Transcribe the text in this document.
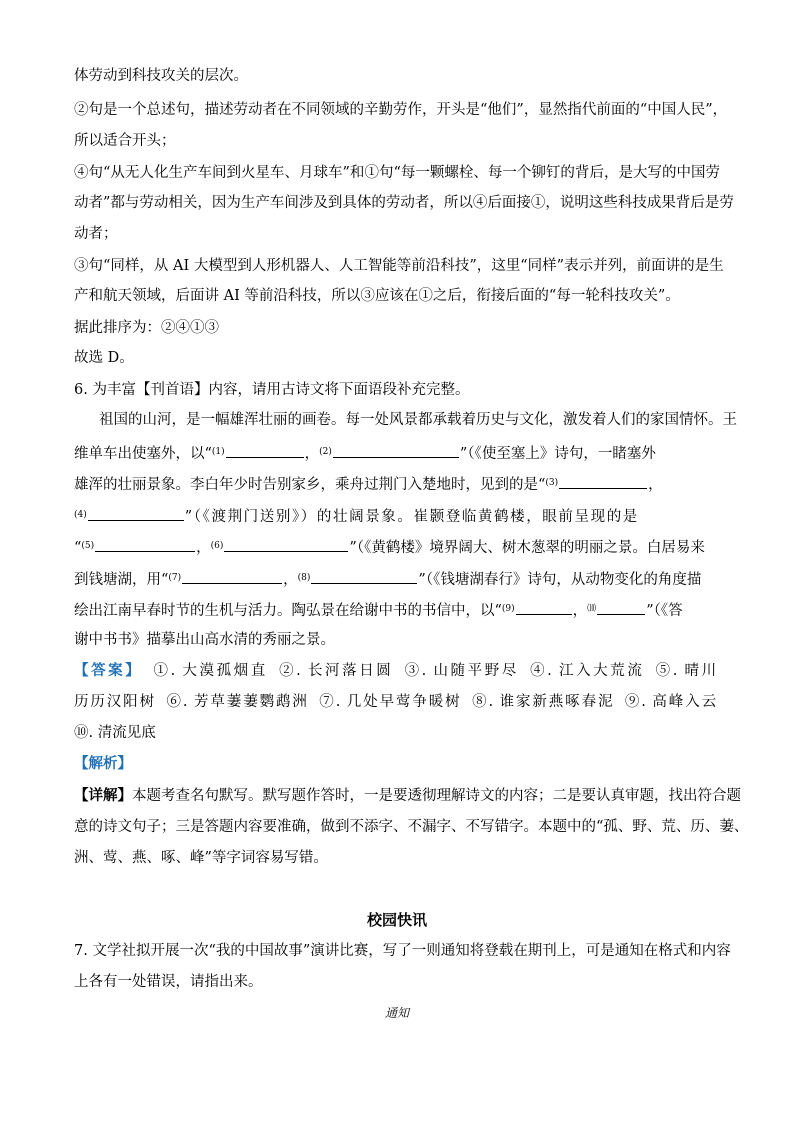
体劳动到科技攻关的层次。
②句是一个总述句，描述劳动者在不同领域的辛勤劳作，开头是“他们”，显然指代前面的“中国人民”，
所以适合开头；
④句“从无人化生产车间到火星车、月球车”和①句“每一颗螺栓、每一个铆钉的背后，是大写的中国劳
动者”都与劳动相关，因为生产车间涉及到具体的劳动者，所以④后面接①，说明这些科技成果背后是劳
动者；
③句“同样，从 AI 大模型到人形机器人、人工智能等前沿科技”，这里“同样”表示并列，前面讲的是生
产和航天领域，后面讲 AI 等前沿科技，所以③应该在①之后，衔接后面的“每一轮科技攻关”。
据此排序为：②④①③
故选 D。
6. 为丰富【刊首语】内容，请用古诗文将下面语段补充完整。
祖国的山河，是一幅雄浑壮丽的画卷。每一处风景都承载着历史与文化，激发着人们的家国情怀。王
维单车出使塞外，以“$^{(1)}$	，$^{(2)}$	”（《使至塞上》诗句，一睹塞外
雄浑的壮丽景象。李白年少时告别家乡，乘舟过荆门入楚地时，见到的是“$^{(3)}$	，
$^{(4)}$	”（《渡荆门送别》）的壮阔景象。崔颢登临黄鹤楼，眼前呈现的是
“$^{(5)}$	，$^{(6)}$	”（《黄鹤楼》境界阔大、树木葱翠的明丽之景。白居易来
到钱塘湖，用“$^{(7)}$	，$^{(8)}$	”（《钱塘湖春行》诗句，从动物变化的角度描
绘出江南早春时节的生机与活力。陶弘景在给谢中书的书信中，以“$^{(9)}$	，⑽	”（《答
谢中书书》描摹出山高水清的秀丽之景。
【答案】 ①. 大漠孤烟直 ②. 长河落日圆 ③. 山随平野尽 ④. 江入大荒流 ⑤. 晴川
历历汉阳树 ⑥. 芳草萋萋鹦鹉洲 ⑦. 几处早莺争暖树 ⑧. 谁家新燕啄春泥 ⑨. 高峰入云
⑩. 清流见底
【解析】
【详解】本题考查名句默写。默写题作答时，一是要透彻理解诗文的内容；二是要认真审题，找出符合题
意的诗文句子；三是答题内容要准确，做到不添字、不漏字、不写错字。本题中的“孤、野、荒、历、萋、
洲、莺、燕、啄、峰”等字词容易写错。
校园快讯
7. 文学社拟开展一次“我的中国故事”演讲比赛，写了一则通知将登载在期刊上，可是通知在格式和内容
上各有一处错误，请指出来。
通知
